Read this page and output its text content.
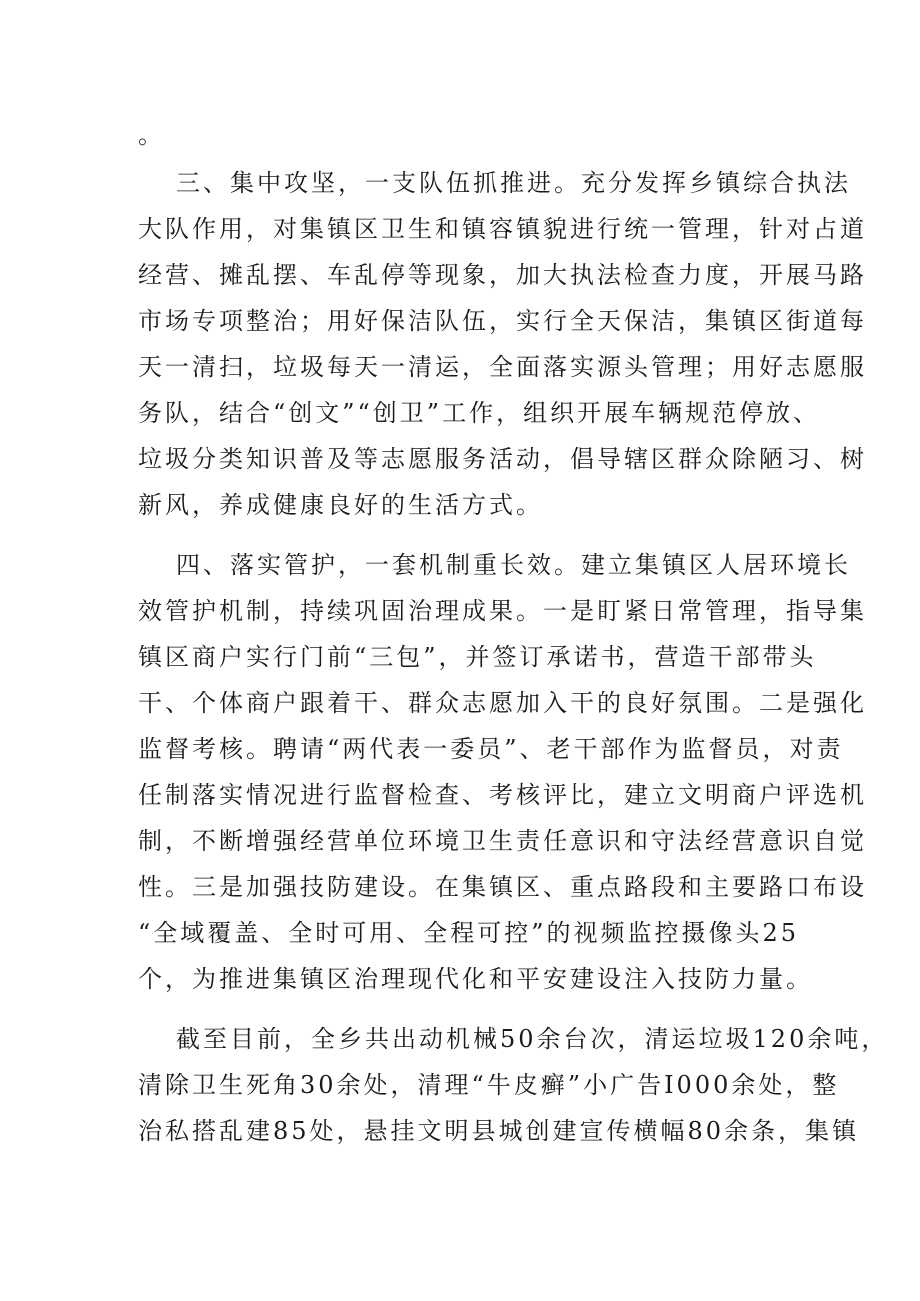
。
三、集中攻坚，一支队伍抓推进。充分发挥乡镇综合执法
大队作用，对集镇区卫生和镇容镇貌进行统一管理，针对占道
经营、摊乱摆、车乱停等现象，加大执法检查力度，开展马路
市场专项整治；用好保洁队伍，实行全天保洁，集镇区街道每
天一清扫，垃圾每天一清运，全面落实源头管理；用好志愿服
务队，结合“创文”“创卫”工作，组织开展车辆规范停放、
垃圾分类知识普及等志愿服务活动，倡导辖区群众除陋习、树
新风，养成健康良好的生活方式。
四、落实管护，一套机制重长效。建立集镇区人居环境长
效管护机制，持续巩固治理成果。一是盯紧日常管理，指导集
镇区商户实行门前“三包”，并签订承诺书，营造干部带头
干、个体商户跟着干、群众志愿加入干的良好氛围。二是强化
监督考核。聘请“两代表一委员”、老干部作为监督员，对责
任制落实情况进行监督检查、考核评比，建立文明商户评选机
制，不断增强经营单位环境卫生责任意识和守法经营意识自觉
性。三是加强技防建设。在集镇区、重点路段和主要路口布设
“全域覆盖、全时可用、全程可控”的视频监控摄像头25
个，为推进集镇区治理现代化和平安建设注入技防力量。
截至目前，全乡共出动机械50余台次，清运垃圾120余吨，
清除卫生死角30余处，清理“牛皮癣”小广告I000余处，整
治私搭乱建85处，悬挂文明县城创建宣传横幅80余条，集镇
